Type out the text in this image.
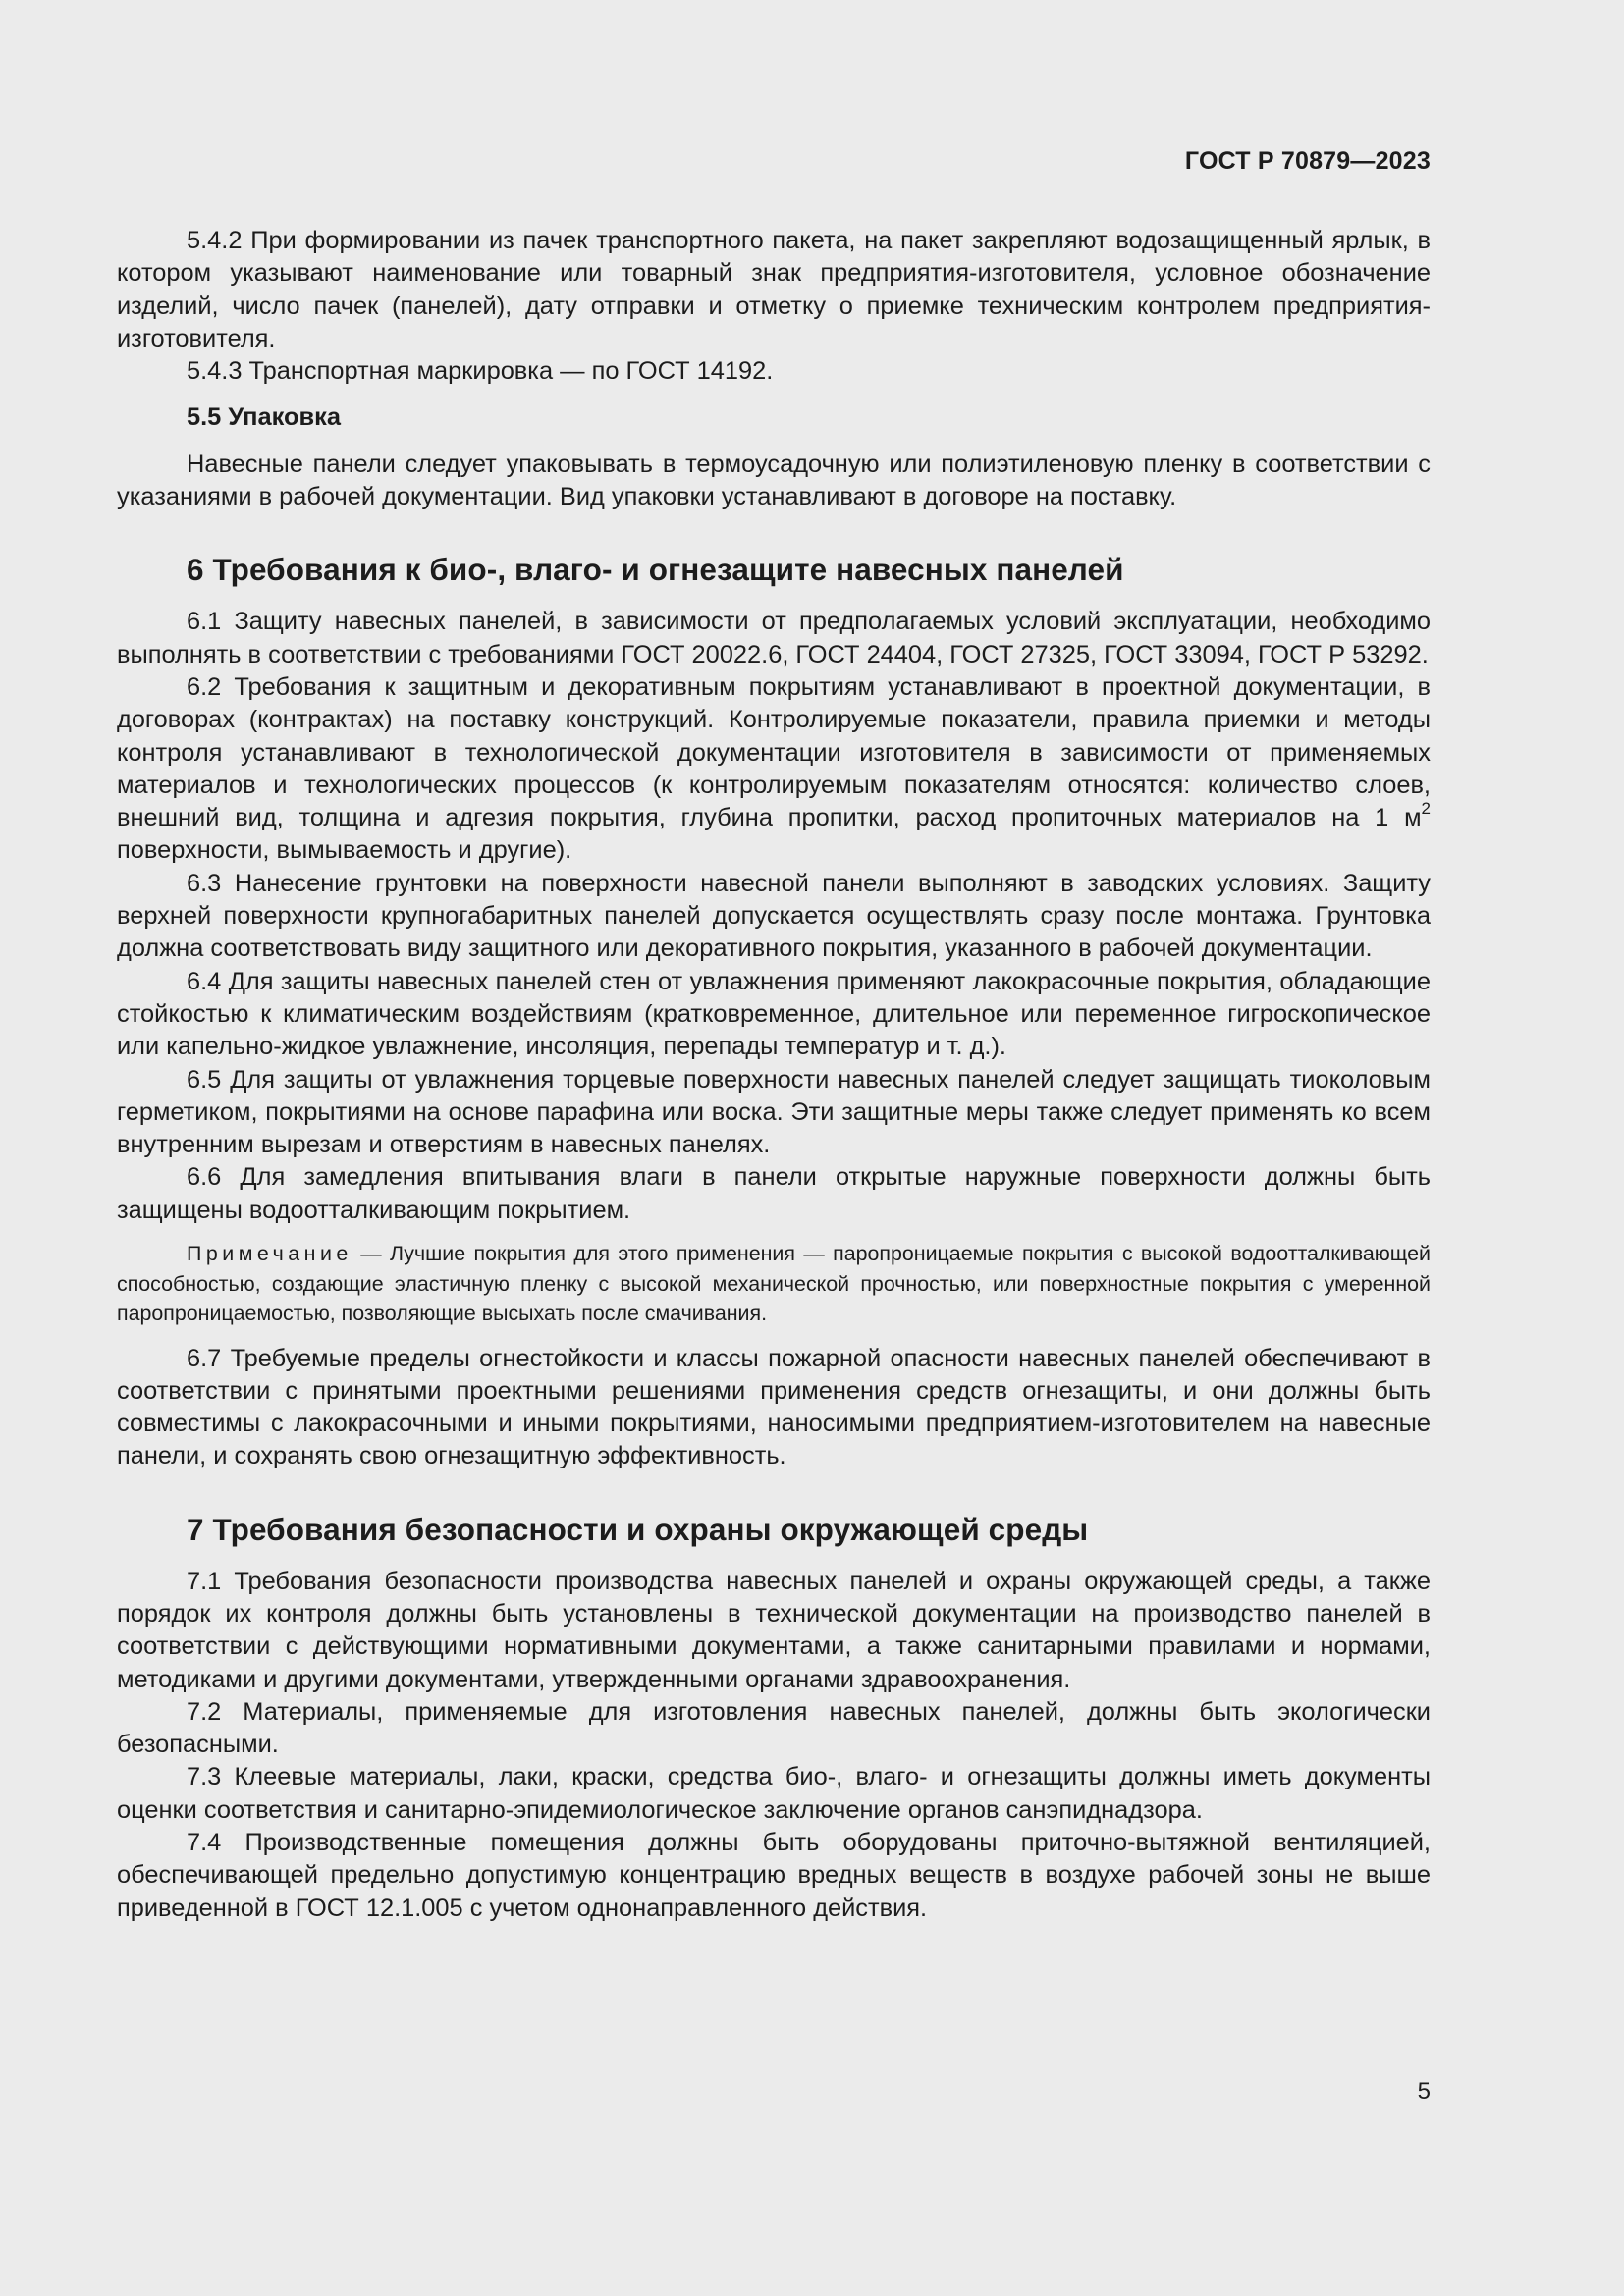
ГОСТ Р 70879—2023

5.4.2 При формировании из пачек транспортного пакета, на пакет закрепляют водозащищенный ярлык, в котором указывают наименование или товарный знак предприятия-изготовителя, условное обозначение изделий, число пачек (панелей), дату отправки и отметку о приемке техническим контролем предприятия-изготовителя.

5.4.3 Транспортная маркировка — по ГОСТ 14192.

5.5 Упаковка

Навесные панели следует упаковывать в термоусадочную или полиэтиленовую пленку в соответствии с указаниями в рабочей документации. Вид упаковки устанавливают в договоре на поставку.

6 Требования к био-, влаго- и огнезащите навесных панелей

6.1 Защиту навесных панелей, в зависимости от предполагаемых условий эксплуатации, необходимо выполнять в соответствии с требованиями ГОСТ 20022.6, ГОСТ 24404, ГОСТ 27325, ГОСТ 33094, ГОСТ Р 53292.

6.2 Требования к защитным и декоративным покрытиям устанавливают в проектной документации, в договорах (контрактах) на поставку конструкций. Контролируемые показатели, правила приемки и методы контроля устанавливают в технологической документации изготовителя в зависимости от применяемых материалов и технологических процессов (к контролируемым показателям относятся: количество слоев, внешний вид, толщина и адгезия покрытия, глубина пропитки, расход пропиточных материалов на 1 $м^2$ поверхности, вымываемость и другие).

6.3 Нанесение грунтовки на поверхности навесной панели выполняют в заводских условиях. Защиту верхней поверхности крупногабаритных панелей допускается осуществлять сразу после монтажа. Грунтовка должна соответствовать виду защитного или декоративного покрытия, указанного в рабочей документации.

6.4 Для защиты навесных панелей стен от увлажнения применяют лакокрасочные покрытия, обладающие стойкостью к климатическим воздействиям (кратковременное, длительное или переменное гигроскопическое или капельно-жидкое увлажнение, инсоляция, перепады температур и т. д.).

6.5 Для защиты от увлажнения торцевые поверхности навесных панелей следует защищать тиоколовым герметиком, покрытиями на основе парафина или воска. Эти защитные меры также следует применять ко всем внутренним вырезам и отверстиям в навесных панелях.

6.6 Для замедления впитывания влаги в панели открытые наружные поверхности должны быть защищены водоотталкивающим покрытием.

Примечание — Лучшие покрытия для этого применения — паропроницаемые покрытия с высокой водоотталкивающей способностью, создающие эластичную пленку с высокой механической прочностью, или поверхностные покрытия с умеренной паропроницаемостью, позволяющие высыхать после смачивания.

6.7 Требуемые пределы огнестойкости и классы пожарной опасности навесных панелей обеспечивают в соответствии с принятыми проектными решениями применения средств огнезащиты, и они должны быть совместимы с лакокрасочными и иными покрытиями, наносимыми предприятием-изготовителем на навесные панели, и сохранять свою огнезащитную эффективность.

7 Требования безопасности и охраны окружающей среды

7.1 Требования безопасности производства навесных панелей и охраны окружающей среды, а также порядок их контроля должны быть установлены в технической документации на производство панелей в соответствии с действующими нормативными документами, а также санитарными правилами и нормами, методиками и другими документами, утвержденными органами здравоохранения.

7.2 Материалы, применяемые для изготовления навесных панелей, должны быть экологически безопасными.

7.3 Клеевые материалы, лаки, краски, средства био-, влаго- и огнезащиты должны иметь документы оценки соответствия и санитарно-эпидемиологическое заключение органов санэпиднадзора.

7.4 Производственные помещения должны быть оборудованы приточно-вытяжной вентиляцией, обеспечивающей предельно допустимую концентрацию вредных веществ в воздухе рабочей зоны не выше приведенной в ГОСТ 12.1.005 с учетом однонаправленного действия.

5
